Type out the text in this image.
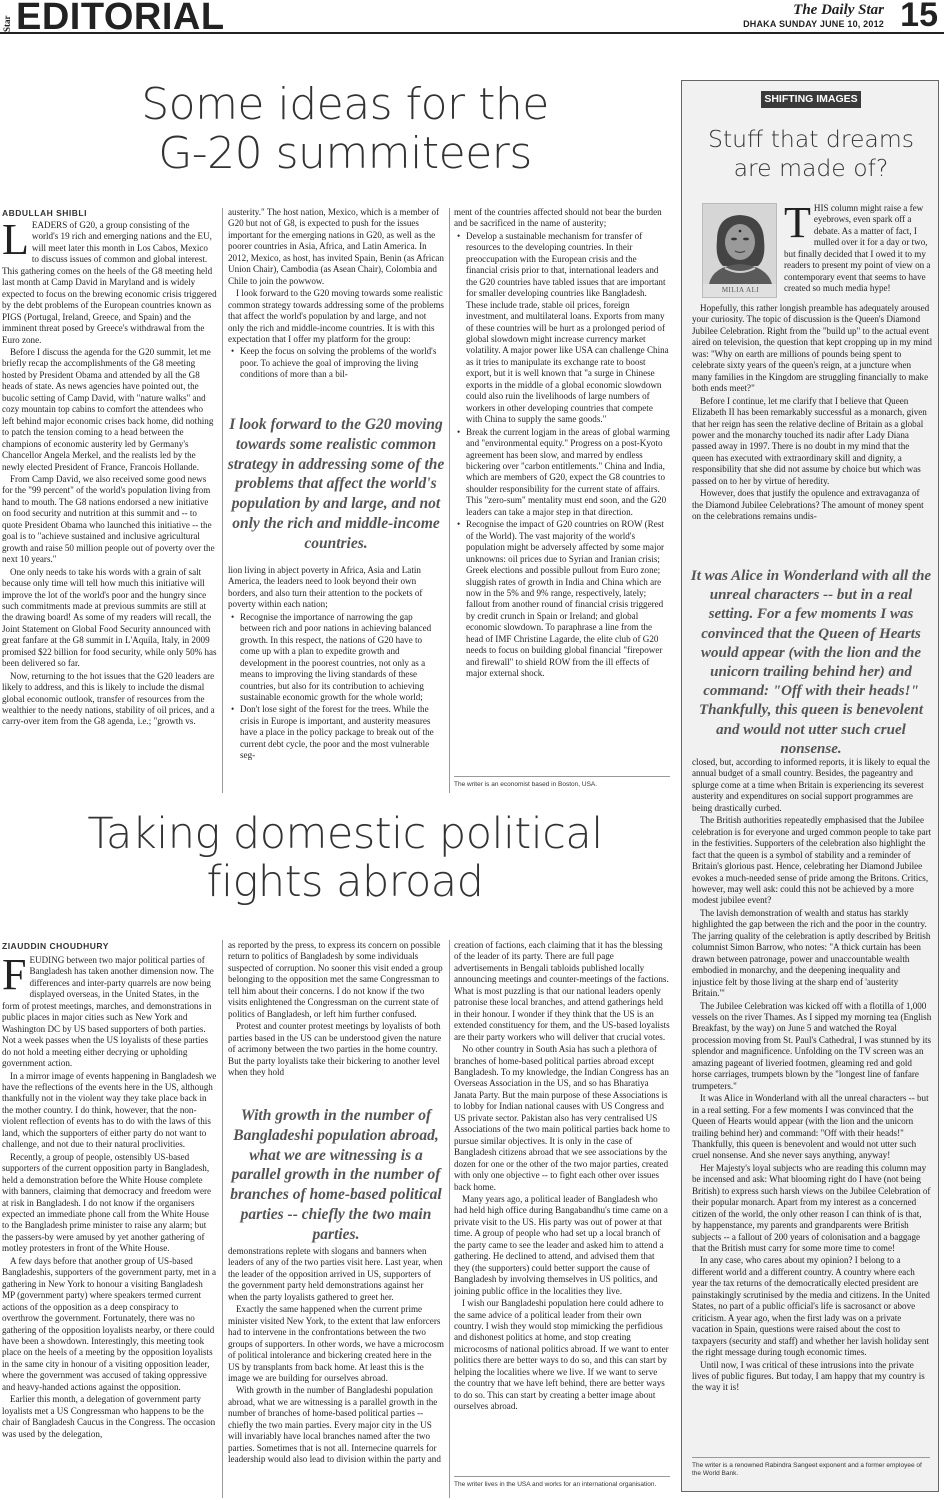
Star EDITORIAL	The Daily Star
DHAKA SUNDAY JUNE 10, 2012 15
Some ideas for the
G-20 summiteers
ABDULLAH SHIBLI

LEADERS of G20, a group consisting of the world's 19 rich and emerging nations and the EU, will meet later this month in Los Cabos, Mexico to discuss issues of common and global interest. This gathering comes on the heels of the G8 meeting held last month at Camp David in Maryland and is widely expected to focus on the brewing economic crisis triggered by the debt problems of the European countries known as PIGS (Portugal, Ireland, Greece, and Spain) and the imminent threat posed by Greece's withdrawal from the Euro zone.

Before I discuss the agenda for the G20 summit, let me briefly recap the accomplishments of the G8 meeting hosted by President Obama and attended by all the G8 heads of state. As news agencies have pointed out, the bucolic setting of Camp David, with "nature walks" and cozy mountain top cabins to comfort the attendees who left behind major economic crises back home, did nothing to patch the tension coming to a head between the champions of economic austerity led by Germany's Chancellor Angela Merkel, and the realists led by the newly elected President of France, Francois Hollande.

From Camp David, we also received some good news for the "99 percent" of the world's population living from hand to mouth. The G8 nations endorsed a new initiative on food security and nutrition at this summit and -- to quote President Obama who launched this initiative -- the goal is to "achieve sustained and inclusive agricultural growth and raise 50 million people out of poverty over the next 10 years."

One only needs to take his words with a grain of salt because only time will tell how much this initiative will improve the lot of the world's poor and the hungry since such commitments made at previous summits are still at the drawing board! As some of my readers will recall, the Joint Statement on Global Food Security announced with great fanfare at the G8 summit in L'Aquila, Italy, in 2009 promised $22 billion for food security, while only 50% has been delivered so far.

Now, returning to the hot issues that the G20 leaders are likely to address, and this is likely to include the dismal global economic outlook, transfer of resources from the wealthier to the needy nations, stability of oil prices, and a carry-over item from the G8 agenda, i.e.; "growth vs.

austerity." The host nation, Mexico, which is a member of G20 but not of G8, is expected to push for the issues important for the emerging nations in G20, as well as the poorer countries in Asia, Africa, and Latin America. In 2012, Mexico, as host, has invited Spain, Benin (as African Union Chair), Cambodia (as Asean Chair), Colombia and Chile to join the powwow.

I look forward to the G20 moving towards some realistic common strategy towards addressing some of the problems that affect the world's population by and large, and not only the rich and middle-income countries. It is with this expectation that I offer my platform for the group:

• Keep the focus on solving the problems of the world's poor. To achieve the goal of improving the living conditions of more than a bil-
I look forward to the G20 moving towards some realistic common strategy in addressing some of the problems that affect the world's population by and large, and not only the rich and middle-income countries.

lion living in abject poverty in Africa, Asia and Latin America, the leaders need to look beyond their own borders, and also turn their attention to the pockets of poverty within each nation;

• Recognise the importance of narrowing the gap between rich and poor nations in achieving balanced growth. In this respect, the nations of G20 have to come up with a plan to expedite growth and development in the poorest countries, not only as a means to improving the living standards of these countries, but also for its contribution to achieving sustainable economic growth for the whole world;
• Don't lose sight of the forest for the trees. While the crisis in Europe is important, and austerity measures have a place in the policy package to break out of the current debt cycle, the poor and the most vulnerable seg-

ment of the countries affected should not bear the burden and be sacrificed in the name of austerity;

• Develop a sustainable mechanism for transfer of resources to the developing countries. In their preoccupation with the European crisis and the financial crisis prior to that, international leaders and the G20 countries have tabled issues that are important for smaller developing countries like Bangladesh. These include trade, stable oil prices, foreign investment, and multilateral loans. Exports from many of these countries will be hurt as a prolonged period of global slowdown might increase currency market volatility. A major power like USA can challenge China as it tries to manipulate its exchange rate to boost export, but it is well known that "a surge in Chinese exports in the middle of a global economic slowdown could also ruin the livelihoods of large numbers of workers in other developing countries that compete with China to supply the same goods."
• Break the current logjam in the areas of global warming and "environmental equity." Progress on a post-Kyoto agreement has been slow, and marred by endless bickering over "carbon entitlements." China and India, which are members of G20, expect the G8 countries to shoulder responsibility for the current state of affairs. This "zero-sum" mentality must end soon, and the G20 leaders can take a major step in that direction.
• Recognise the impact of G20 countries on ROW (Rest of the World). The vast majority of the world's population might be adversely affected by some major unknowns: oil prices due to Syrian and Iranian crisis; Greek elections and possible pullout from Euro zone; sluggish rates of growth in India and China which are now in the 5% and 9% range, respectively, lately; fallout from another round of financial crisis triggered by credit crunch in Spain or Ireland; and global economic slowdown. To paraphrase a line from the head of IMF Christine Lagarde, the elite club of G20 needs to focus on building global financial "firepower and firewall" to shield ROW from the ill effects of major external shock.
The writer is an economist based in Boston, USA.
Taking domestic political
fights abroad
ZIAUDDIN CHOUDHURY

FEUDING between two major political parties of Bangladesh has taken another dimension now. The differences and inter-party quarrels are now being displayed overseas, in the United States, in the form of protest meetings, marches, and demonstrations in public places in major cities such as New York and Washington DC by US based supporters of both parties. Not a week passes when the US loyalists of these parties do not hold a meeting either decrying or upholding government action.

In a mirror image of events happening in Bangladesh we have the reflections of the events here in the US, although thankfully not in the violent way they take place back in the mother country. I do think, however, that the non-violent reflection of events has to do with the laws of this land, which the supporters of either party do not want to challenge, and not due to their natural proclivities.

Recently, a group of people, ostensibly US-based supporters of the current opposition party in Bangladesh, held a demonstration before the White House complete with banners, claiming that democracy and freedom were at risk in Bangladesh. I do not know if the organisers expected an immediate phone call from the White House to the Bangladesh prime minister to raise any alarm; but the passers-by were amused by yet another gathering of motley protesters in front of the White House.

A few days before that another group of US-based Bangladeshis, supporters of the government party, met in a gathering in New York to honour a visiting Bangladesh MP (government party) where speakers termed current actions of the opposition as a deep conspiracy to overthrow the government. Fortunately, there was no gathering of the opposition loyalists nearby, or there could have been a showdown. Interestingly, this meeting took place on the heels of a meeting by the opposition loyalists in the same city in honour of a visiting opposition leader, where the government was accused of taking oppressive and heavy-handed actions against the opposition.

Earlier this month, a delegation of government party loyalists met a US Congressman who happens to be the chair of Bangladesh Caucus in the Congress. The occasion was used by the delegation,

as reported by the press, to express its concern on possible return to politics of Bangladesh by some individuals suspected of corruption. No sooner this visit ended a group belonging to the opposition met the same Congressman to tell him about their concerns. I do not know if the two visits enlightened the Congressman on the current state of politics of Bangladesh, or left him further confused.

Protest and counter protest meetings by loyalists of both parties based in the US can be understood given the nature of acrimony between the two parties in the home country. But the party loyalists take their bickering to another level when they hold

With growth in the number of Bangladeshi population abroad, what we are witnessing is a parallel growth in the number of branches of home-based political parties -- chiefly the two main parties.

demonstrations replete with slogans and banners when leaders of any of the two parties visit here. Last year, when the leader of the opposition arrived in US, supporters of the government party held demonstrations against her when the party loyalists gathered to greet her.

Exactly the same happened when the current prime minister visited New York, to the extent that law enforcers had to intervene in the confrontations between the two groups of supporters. In other words, we have a microcosm of political intolerance and bickering created here in the US by transplants from back home. At least this is the image we are building for ourselves abroad.

With growth in the number of Bangladeshi population abroad, what we are witnessing is a parallel growth in the number of branches of home-based political parties -- chiefly the two main parties. Every major city in the US will invariably have local branches named after the two parties. Sometimes that is not all. Internecine quarrels for leadership would also lead to division within the party and

creation of factions, each claiming that it has the blessing of the leader of its party. There are full page advertisements in Bengali tabloids published locally announcing meetings and counter-meetings of the factions. What is most puzzling is that our national leaders openly patronise these local branches, and attend gatherings held in their honour. I wonder if they think that the US is an extended constituency for them, and the US-based loyalists are their party workers who will deliver that crucial votes.

No other country in South Asia has such a plethora of branches of home-based political parties abroad except Bangladesh. To my knowledge, the Indian Congress has an Overseas Association in the US, and so has Bharatiya Janata Party. But the main purpose of these Associations is to lobby for Indian national causes with US Congress and US private sector. Pakistan also has very centralised US Associations of the two main political parties back home to pursue similar objectives. It is only in the case of Bangladesh citizens abroad that we see associations by the dozen for one or the other of the two major parties, created with only one objective -- to fight each other over issues back home.

Many years ago, a political leader of Bangladesh who had held high office during Bangabandhu's time came on a private visit to the US. His party was out of power at that time. A group of people who had set up a local branch of the party came to see the leader and asked him to attend a gathering. He declined to attend, and advised them that they (the supporters) could better support the cause of Bangladesh by involving themselves in US politics, and joining public office in the localities they live.

I wish our Bangladeshi population here could adhere to the same advice of a political leader from their own country. I wish they would stop mimicking the perfidious and dishonest politics at home, and stop creating microcosms of national politics abroad. If we want to enter politics there are better ways to do so, and this can start by helping the localities where we live. If we want to serve the country that we have left behind, there are better ways to do so. This can start by creating a better image about ourselves abroad.

The writer lives in the USA and works for an international organisation.
SHIFTING IMAGES
Stuff that dreams
are made of?
MILIA ALI

THIS column might raise a few eyebrows, even spark off a debate. As a matter of fact, I mulled over it for a day or two, but finally decided that I owed it to my readers to present my point of view on a contemporary event that seems to have created so much media hype!

Hopefully, this rather longish preamble has adequately aroused your curiosity. The topic of discussion is the Queen's Diamond Jubilee Celebration. Right from the "build up" to the actual event aired on television, the question that kept cropping up in my mind was: "Why on earth are millions of pounds being spent to celebrate sixty years of the queen's reign, at a juncture when many families in the Kingdom are struggling financially to make both ends meet?"

Before I continue, let me clarify that I believe that Queen Elizabeth II has been remarkably successful as a monarch, given that her reign has seen the relative decline of Britain as a global power and the monarchy touched its nadir after Lady Diana passed away in 1997. There is no doubt in my mind that the queen has executed with extraordinary skill and dignity, a responsibility that she did not assume by choice but which was passed on to her by virtue of heredity.

However, does that justify the opulence and extravaganza of the Diamond Jubilee Celebrations? The amount of money spent on the celebrations remains undis-

It was Alice in Wonderland with all the unreal characters -- but in a real setting. For a few moments I was convinced that the Queen of Hearts would appear (with the lion and the unicorn trailing behind her) and command: "Off with their heads!" Thankfully, this queen is benevolent and would not utter such cruel nonsense.

closed, but, according to informed reports, it is likely to equal the annual budget of a small country. Besides, the pageantry and splurge come at a time when Britain is experiencing its severest austerity and expenditures on social support programmes are being drastically curbed.

The British authorities repeatedly emphasised that the Jubilee celebration is for everyone and urged common people to take part in the festivities. Supporters of the celebration also highlight the fact that the queen is a symbol of stability and a reminder of Britain's glorious past. Hence, celebrating her Diamond Jubilee evokes a much-needed sense of pride among the Britons. Critics, however, may well ask: could this not be achieved by a more modest jubilee event?

The lavish demonstration of wealth and status has starkly highlighted the gap between the rich and the poor in the country. The jarring quality of the celebration is aptly described by British columnist Simon Barrow, who notes: "A thick curtain has been drawn between patronage, power and unaccountable wealth embodied in monarchy, and the deepening inequality and injustice felt by those living at the sharp end of 'austerity Britain.'"

The Jubilee Celebration was kicked off with a flotilla of 1,000 vessels on the river Thames. As I sipped my morning tea (English Breakfast, by the way) on June 5 and watched the Royal procession moving from St. Paul's Cathedral, I was stunned by its splendor and magnificence. Unfolding on the TV screen was an amazing pageant of liveried footmen, gleaming red and gold horse carriages, trumpets blown by the "longest line of fanfare trumpeters."

It was Alice in Wonderland with all the unreal characters -- but in a real setting. For a few moments I was convinced that the Queen of Hearts would appear (with the lion and the unicorn trailing behind her) and command: "Off with their heads!" Thankfully, this queen is benevolent and would not utter such cruel nonsense. And she never says anything, anyway!

Her Majesty's loyal subjects who are reading this column may be incensed and ask: What blooming right do I have (not being British) to express such harsh views on the Jubilee Celebration of their popular monarch. Apart from my interest as a concerned citizen of the world, the only other reason I can think of is that, by happenstance, my parents and grandparents were British subjects -- a fallout of 200 years of colonisation and a baggage that the British must carry for some more time to come!

In any case, who cares about my opinion? I belong to a different world and a different country. A country where each year the tax returns of the democratically elected president are painstakingly scrutinised by the media and citizens. In the United States, no part of a public official's life is sacrosanct or above criticism. A year ago, when the first lady was on a private vacation in Spain, questions were raised about the cost to taxpayers (security and staff) and whether her lavish holiday sent the right message during tough economic times.

Until now, I was critical of these intrusions into the private lives of public figures. But today, I am happy that my country is the way it is!

The writer is a renowned Rabindra Sangeet exponent and a former employee of the World Bank.
